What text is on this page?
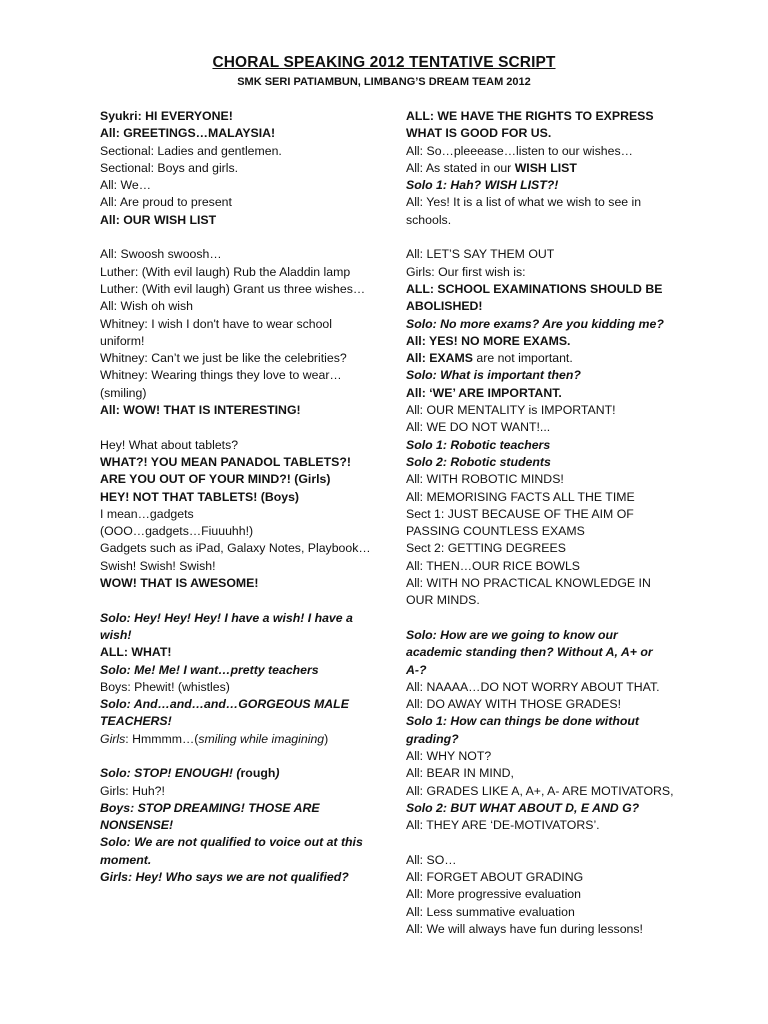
CHORAL SPEAKING 2012 TENTATIVE SCRIPT
SMK SERI PATIAMBUN, LIMBANG’S DREAM TEAM 2012
Syukri: HI EVERYONE!
All: GREETINGS…MALAYSIA!
Sectional: Ladies and gentlemen.
Sectional: Boys and girls.
All: We…
All: Are proud to present
All: OUR WISH LIST
All: Swoosh swoosh…
Luther: (With evil laugh) Rub the Aladdin lamp
Luther: (With evil laugh) Grant us three wishes…
All: Wish oh wish
Whitney: I wish I don't have to wear school uniform!
Whitney: Can’t we just be like the celebrities?
Whitney: Wearing things they love to wear…(smiling)
All: WOW! THAT IS INTERESTING!
Hey! What about tablets?
WHAT?! YOU MEAN PANADOL TABLETS?! ARE YOU OUT OF YOUR MIND?! (Girls)
HEY! NOT THAT TABLETS! (Boys)
I mean…gadgets
(OOO…gadgets…Fiuuuhh!)
Gadgets such as iPad, Galaxy Notes, Playbook…
Swish! Swish! Swish!
WOW! THAT IS AWESOME!
Solo: Hey! Hey! Hey! I have a wish! I have a wish!
ALL: WHAT!
Solo: Me! Me! I want…pretty teachers
Boys: Phewit! (whistles)
Solo: And…and…and…GORGEOUS MALE TEACHERS!
Girls: Hmmmm…(smiling while imagining)
Solo: STOP! ENOUGH! (rough)
Girls: Huh?!
Boys: STOP DREAMING! THOSE ARE NONSENSE!
Solo: We are not qualified to voice out at this moment.
Girls: Hey! Who says we are not qualified?
ALL: WE HAVE THE RIGHTS TO EXPRESS WHAT IS GOOD FOR US.
All: So…pleeease…listen to our wishes…
All: As stated in our WISH LIST
Solo 1: Hah? WISH LIST?!
All: Yes! It is a list of what we wish to see in schools.
All: LET’S SAY THEM OUT
Girls: Our first wish is:
ALL: SCHOOL EXAMINATIONS SHOULD BE ABOLISHED!
Solo: No more exams? Are you kidding me?
All: YES! NO MORE EXAMS.
All: EXAMS are not important.
Solo: What is important then?
All: ‘WE’ ARE IMPORTANT.
All: OUR MENTALITY is IMPORTANT!
All: WE DO NOT WANT!...
Solo 1: Robotic teachers
Solo 2: Robotic students
All: WITH ROBOTIC MINDS!
All: MEMORISING FACTS ALL THE TIME
Sect 1: JUST BECAUSE OF THE AIM OF PASSING COUNTLESS EXAMS
Sect 2: GETTING DEGREES
All: THEN…OUR RICE BOWLS
All: WITH NO PRACTICAL KNOWLEDGE IN OUR MINDS.
Solo: How are we going to know our academic standing then? Without A, A+ or A-?
All: NAAAA…DO NOT WORRY ABOUT THAT.
All: DO AWAY WITH THOSE GRADES!
Solo 1: How can things be done without grading?
All: WHY NOT?
All: BEAR IN MIND,
All: GRADES LIKE A, A+, A- ARE MOTIVATORS,
Solo 2: BUT WHAT ABOUT D, E AND G?
All: THEY ARE ‘DE-MOTIVATORS’.
All: SO…
All: FORGET ABOUT GRADING
All: More progressive evaluation
All: Less summative evaluation
All: We will always have fun during lessons!
